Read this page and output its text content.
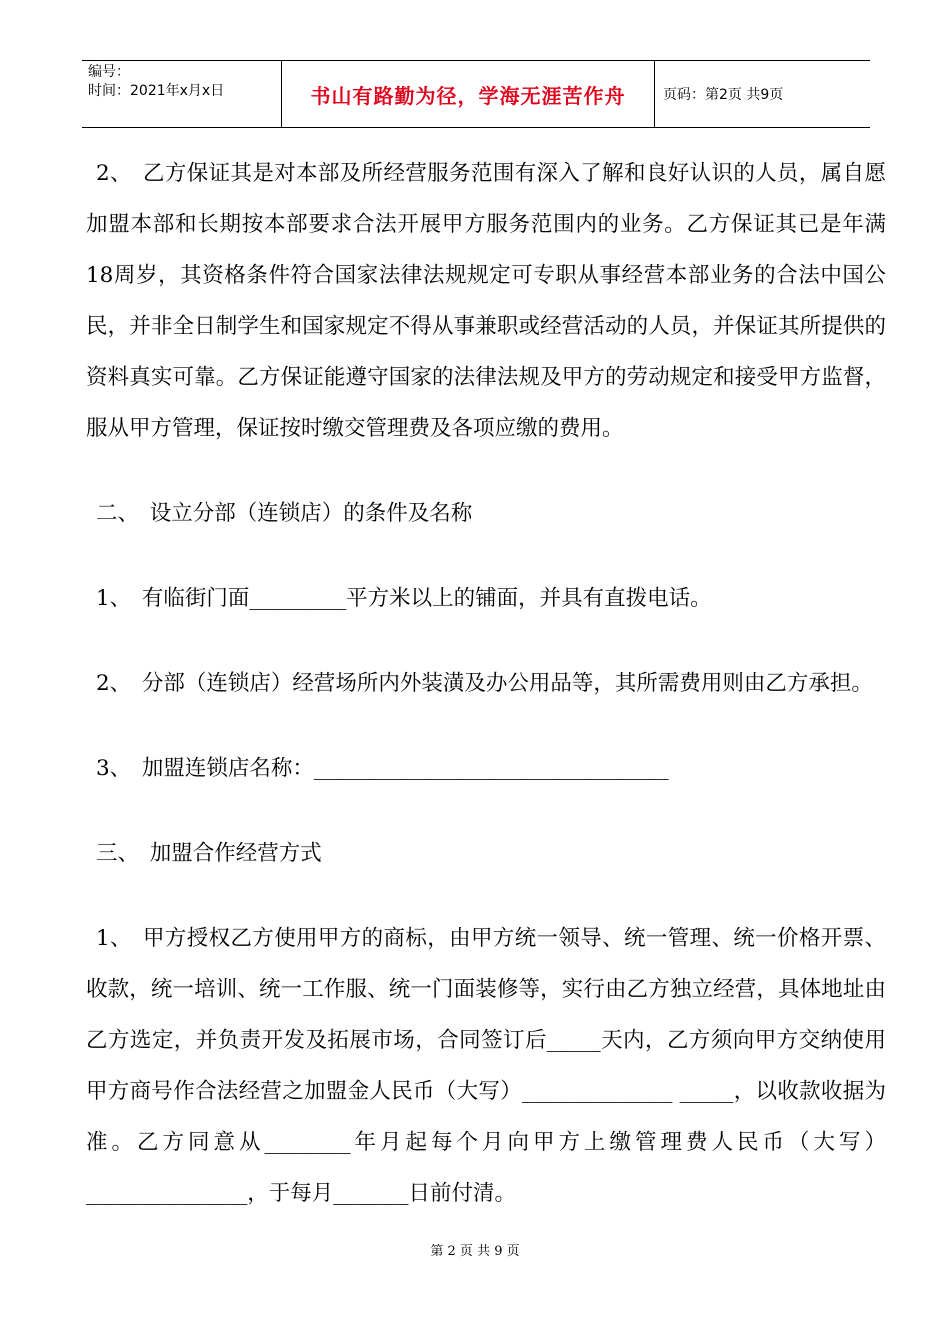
编号：
时间：2021年x月x日	书山有路勤为径，学海无涯苦作舟	页码：第2页 共9页

2、　乙方保证其是对本部及所经营服务范围有深入了解和良好认识的人员，属自愿加盟本部和长期按本部要求合法开展甲方服务范围内的业务。乙方保证其已是年满18周岁，其资格条件符合国家法律法规规定可专职从事经营本部业务的合法中国公民，并非全日制学生和国家规定不得从事兼职或经营活动的人员，并保证其所提供的资料真实可靠。乙方保证能遵守国家的法律法规及甲方的劳动规定和接受甲方监督，服从甲方管理，保证按时缴交管理费及各项应缴的费用。

二、　设立分部（连锁店）的条件及名称

1、　有临街门面_________平方米以上的铺面，并具有直拨电话。

2、　分部（连锁店）经营场所内外装潢及办公用品等，其所需费用则由乙方承担。

3、　加盟连锁店名称：_________________________________

三、　加盟合作经营方式

1、　甲方授权乙方使用甲方的商标，由甲方统一领导、统一管理、统一价格开票、收款，统一培训、统一工作服、统一门面装修等，实行由乙方独立经营，具体地址由乙方选定，并负责开发及拓展市场，合同签订后_____天内，乙方须向甲方交纳使用甲方商号作合法经营之加盟金人民币（大写）______________ _____，以收款收据为准。乙方同意从________年月起每个月向甲方上缴管理费人民币（大写）_______________，于每月_______日前付清。

第 2 页 共 9 页
